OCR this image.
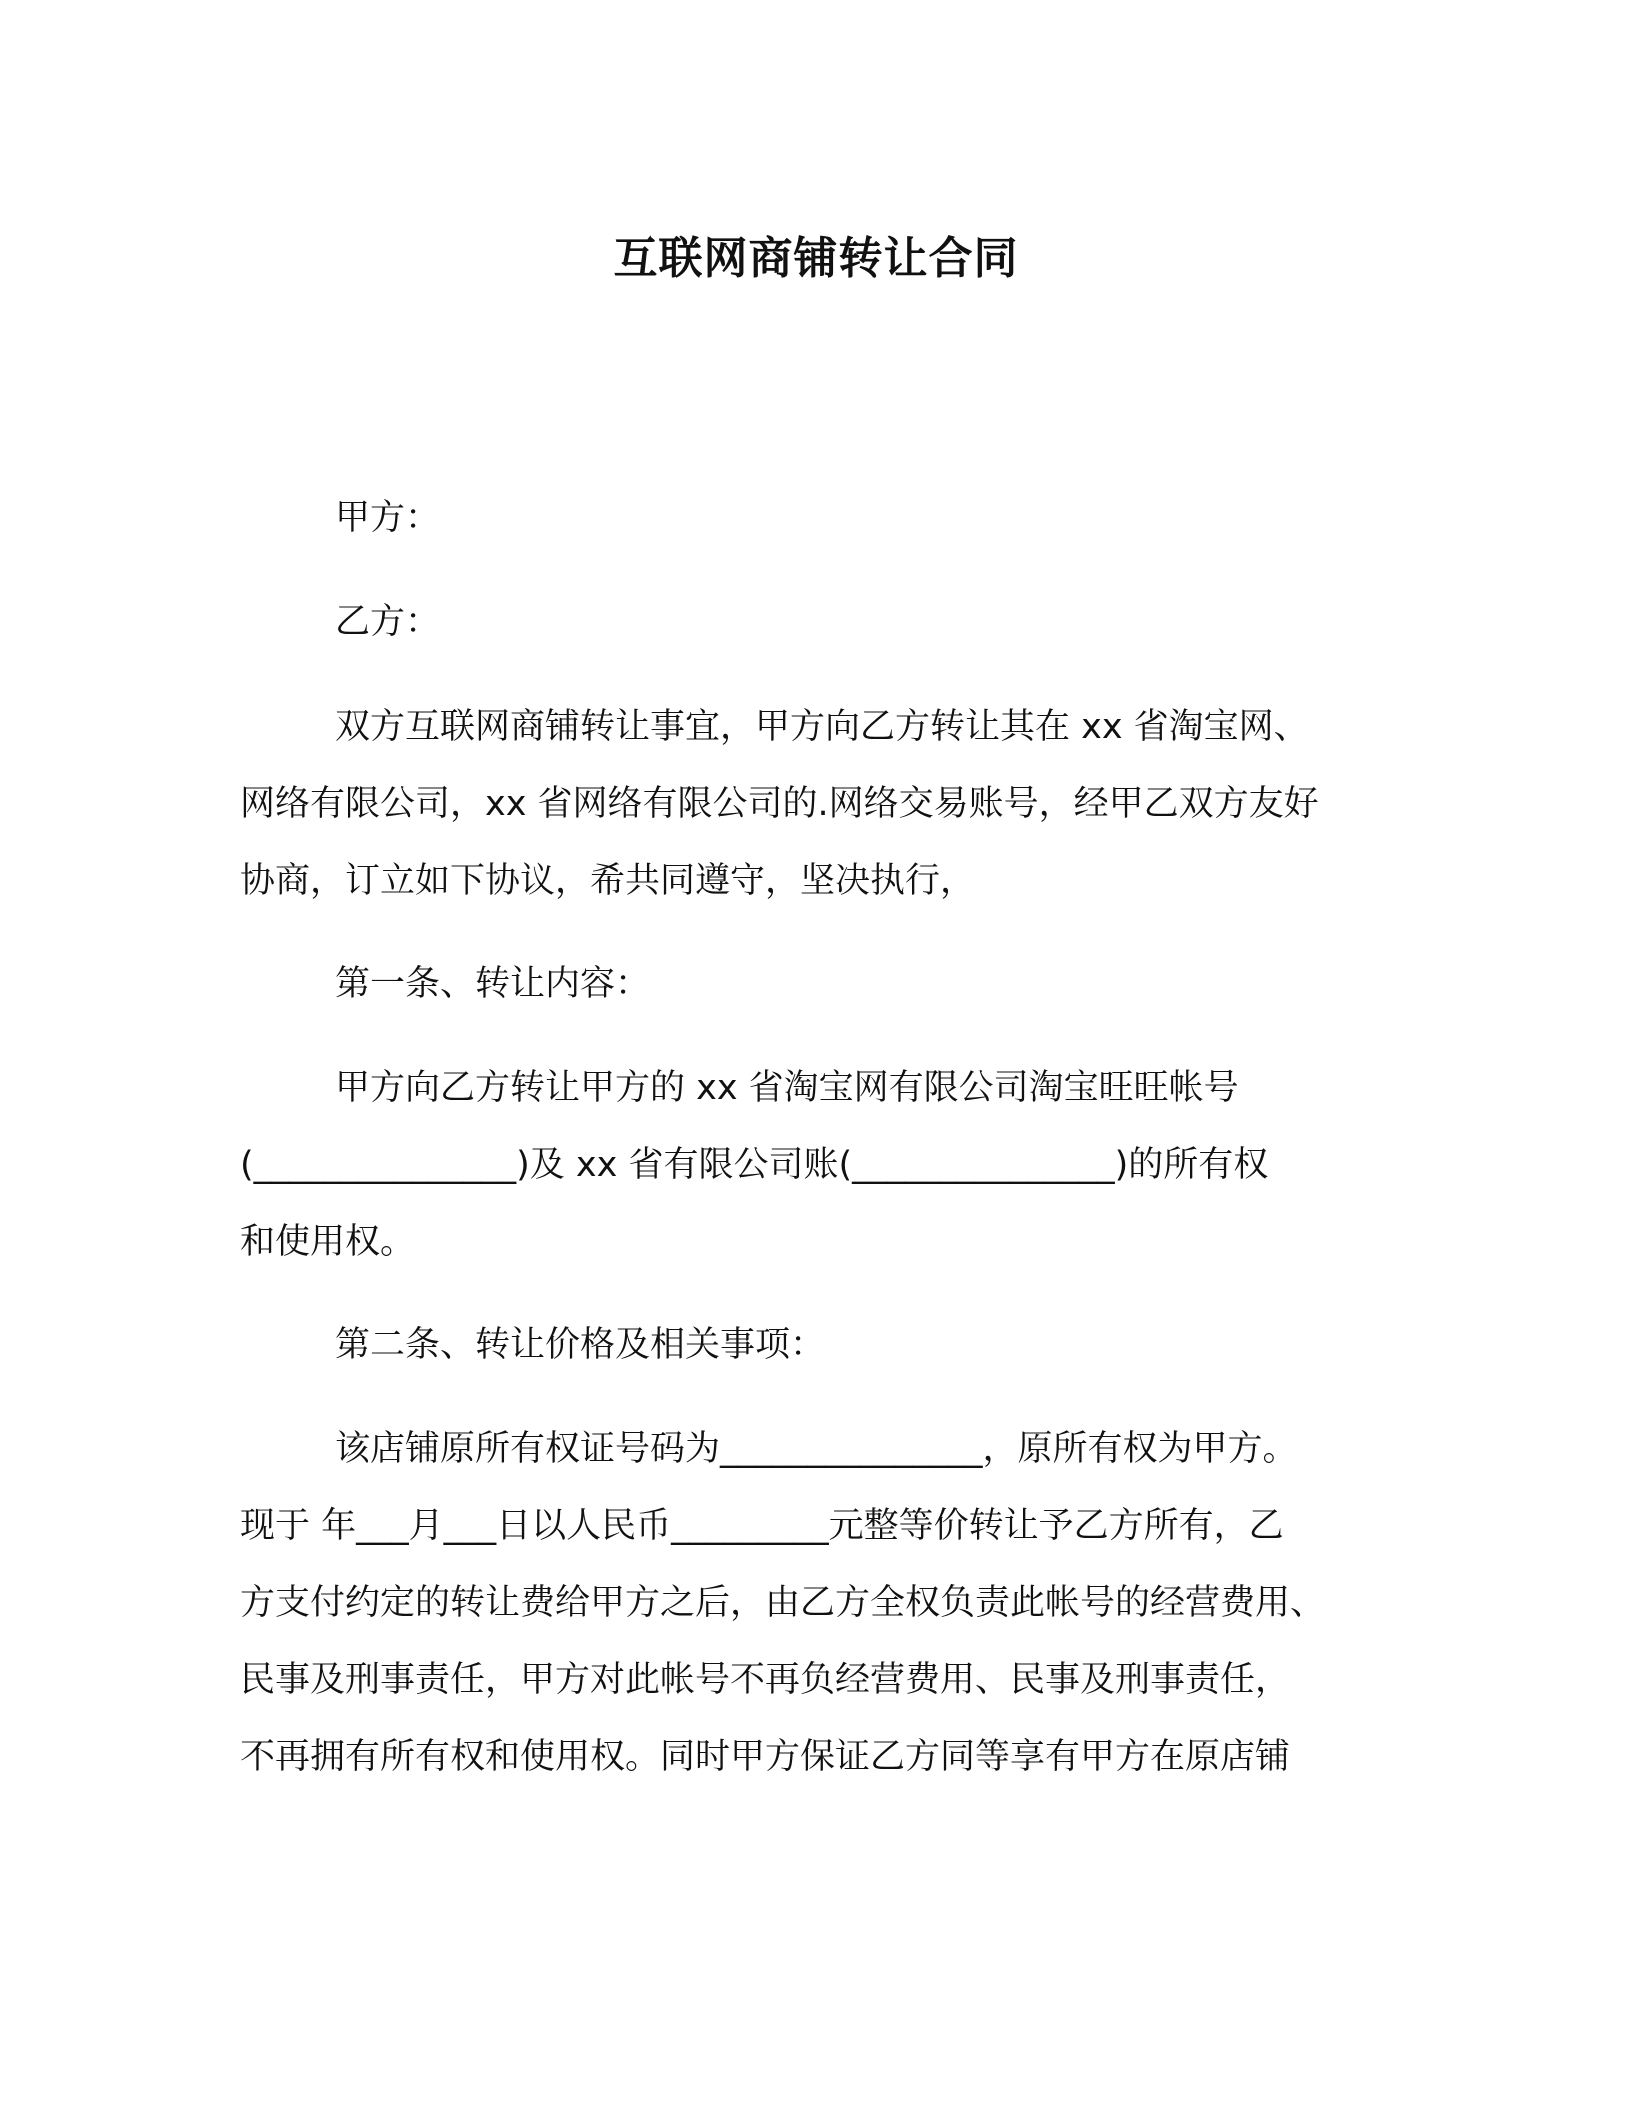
互联网商铺转让合同

甲方：

乙方：

双方互联网商铺转让事宜，甲方向乙方转让其在 xx 省淘宝网、

网络有限公司，xx 省网络有限公司的.网络交易账号，经甲乙双方友好

协商，订立如下协议，希共同遵守，坚决执行，

第一条、转让内容：

甲方向乙方转让甲方的 xx 省淘宝网有限公司淘宝旺旺帐号

(_______________)及 xx 省有限公司账(_______________)的所有权

和使用权。

第二条、转让价格及相关事项：

该店铺原所有权证号码为_______________，原所有权为甲方。

现于 年___月___日以人民币_________元整等价转让予乙方所有，乙

方支付约定的转让费给甲方之后，由乙方全权负责此帐号的经营费用、

民事及刑事责任，甲方对此帐号不再负经营费用、民事及刑事责任，

不再拥有所有权和使用权。同时甲方保证乙方同等享有甲方在原店铺
